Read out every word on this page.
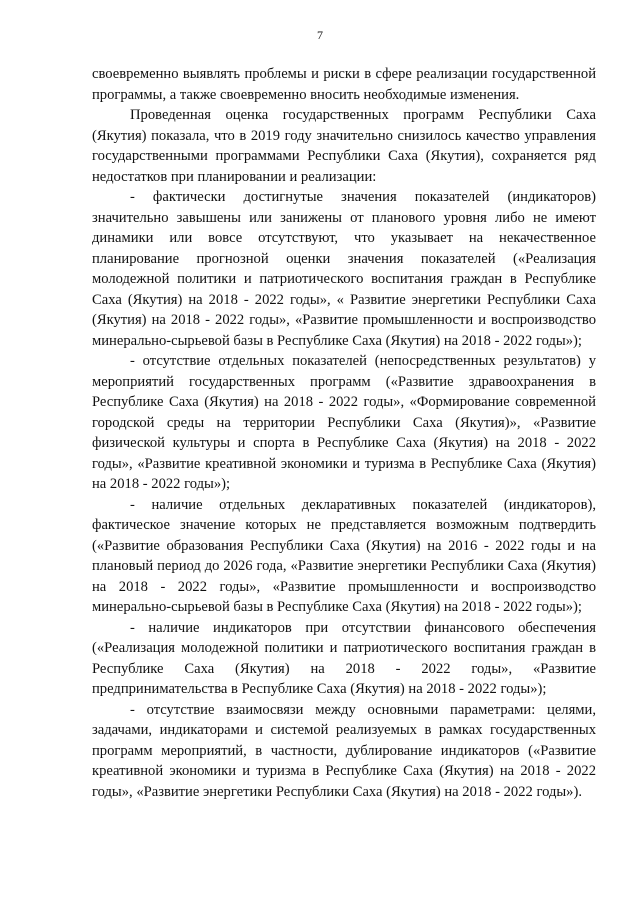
7

своевременно выявлять проблемы и риски в сфере реализации государственной программы, а также своевременно вносить необходимые изменения.

Проведенная оценка государственных программ Республики Саха (Якутия) показала, что в 2019 году значительно снизилось качество управления государственными программами Республики Саха (Якутия), сохраняется ряд недостатков при планировании и реализации:

- фактически достигнутые значения показателей (индикаторов) значительно завышены или занижены от планового уровня либо не имеют динамики или вовсе отсутствуют, что указывает на некачественное планирование прогнозной оценки значения показателей («Реализация молодежной политики и патриотического воспитания граждан в Республике Саха (Якутия) на 2018 - 2022 годы», « Развитие энергетики Республики Саха (Якутия) на 2018 - 2022 годы», «Развитие промышленности и воспроизводство минерально-сырьевой базы в Республике Саха (Якутия) на 2018 - 2022 годы»);

- отсутствие отдельных показателей (непосредственных результатов) у мероприятий государственных программ («Развитие здравоохранения в Республике Саха (Якутия) на 2018 - 2022 годы», «Формирование современной городской среды на территории Республики Саха (Якутия)», «Развитие физической культуры и спорта в Республике Саха (Якутия) на 2018 - 2022 годы», «Развитие креативной экономики и туризма в Республике Саха (Якутия) на 2018 - 2022 годы»);

- наличие отдельных декларативных показателей (индикаторов), фактическое значение которых не представляется возможным подтвердить («Развитие образования Республики Саха (Якутия) на 2016 - 2022 годы и на плановый период до 2026 года, «Развитие энергетики Республики Саха (Якутия) на 2018 - 2022 годы», «Развитие промышленности и воспроизводство минерально-сырьевой базы в Республике Саха (Якутия) на 2018 - 2022 годы»);

- наличие индикаторов при отсутствии финансового обеспечения («Реализация молодежной политики и патриотического воспитания граждан в Республике Саха (Якутия) на 2018 - 2022 годы», «Развитие предпринимательства в Республике Саха (Якутия) на 2018 - 2022 годы»);

- отсутствие взаимосвязи между основными параметрами: целями, задачами, индикаторами и системой реализуемых в рамках государственных программ мероприятий, в частности, дублирование индикаторов («Развитие креативной экономики и туризма в Республике Саха (Якутия) на 2018 - 2022 годы», «Развитие энергетики Республики Саха (Якутия) на 2018 - 2022 годы»).
